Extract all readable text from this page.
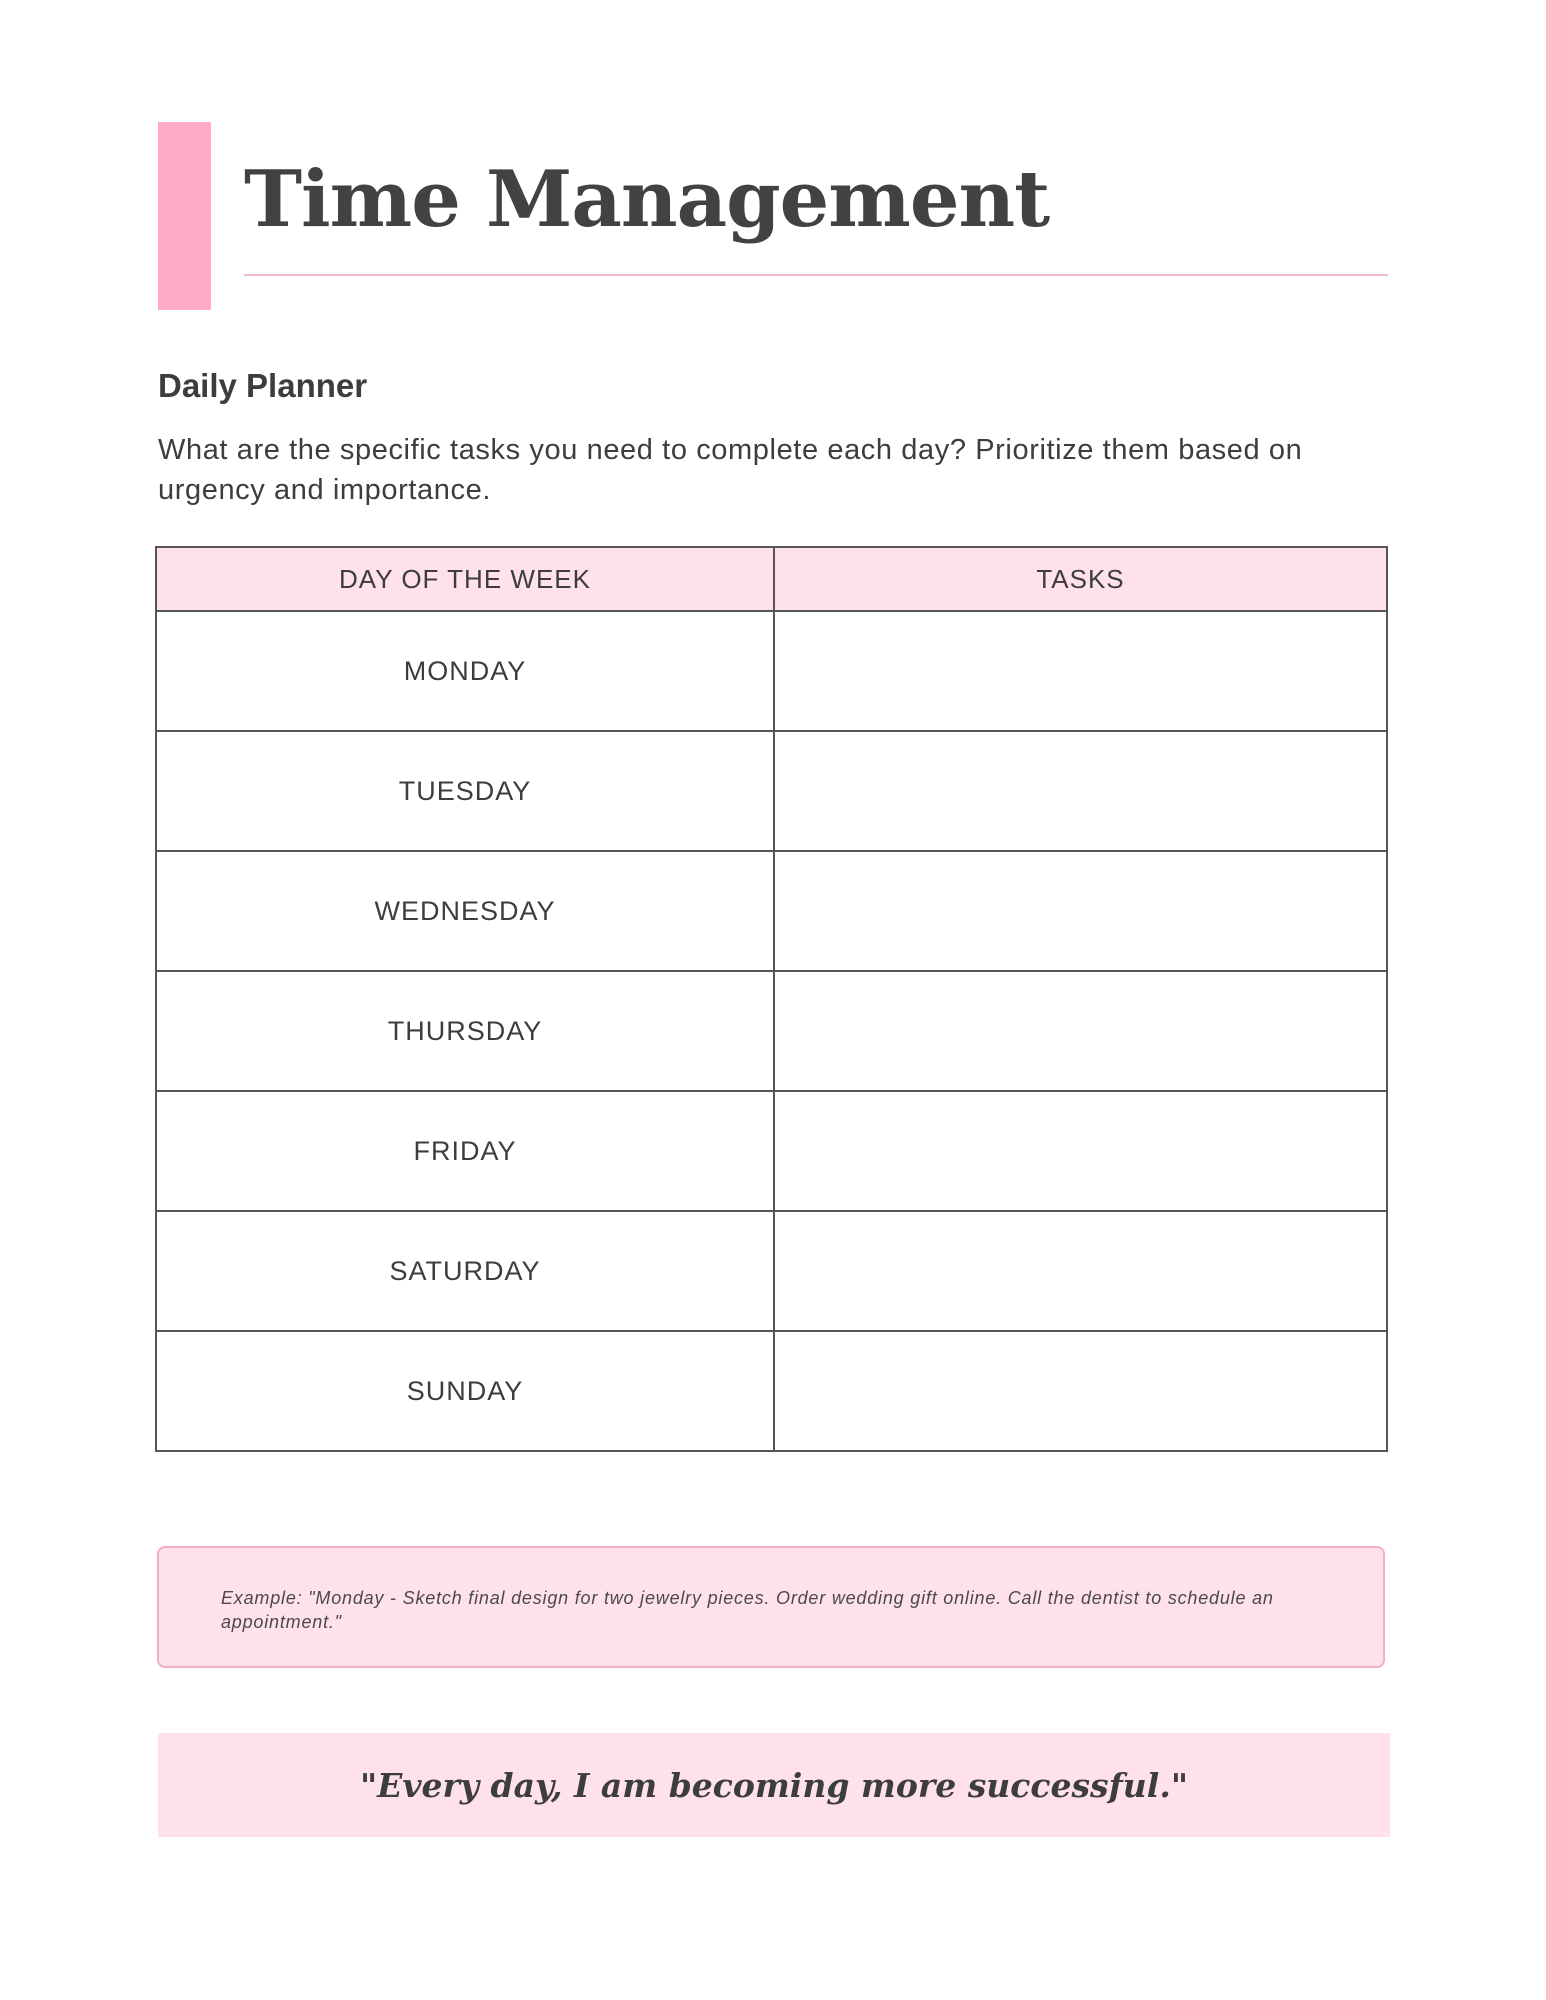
Time Management
Daily Planner

What are the specific tasks you need to complete each day? Prioritize them based on urgency and importance.

DAY OF THE WEEK	TASKS
MONDAY	
TUESDAY	
WEDNESDAY	
THURSDAY	
FRIDAY	
SATURDAY	
SUNDAY	

Example: "Monday - Sketch final design for two jewelry pieces. Order wedding gift online. Call the dentist to schedule an appointment."

"Every day, I am becoming more successful."
